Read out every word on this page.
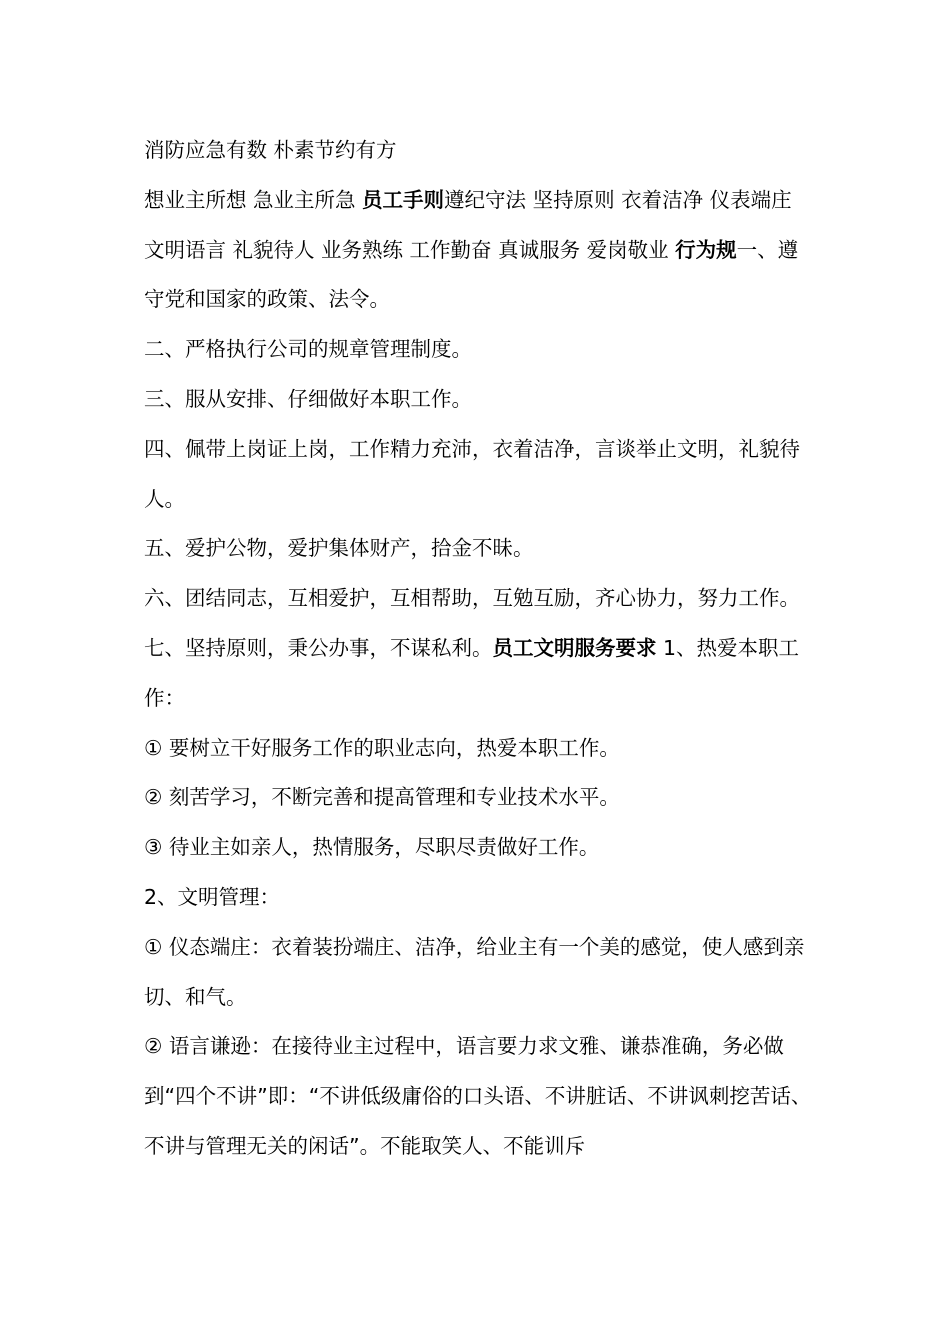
消防应急有数 朴素节约有方

想业主所想 急业主所急 员工手则遵纪守法 坚持原则 衣着洁净 仪表端庄 文明语言 礼貌待人 业务熟练 工作勤奋 真诚服务 爱岗敬业 行为规一、遵守党和国家的政策、法令。

二、严格执行公司的规章管理制度。

三、服从安排、仔细做好本职工作。

四、佩带上岗证上岗，工作精力充沛，衣着洁净，言谈举止文明，礼貌待人。

五、爱护公物，爱护集体财产，拾金不昧。

六、团结同志，互相爱护，互相帮助，互勉互励，齐心协力，努力工作。

七、坚持原则，秉公办事，不谋私利。员工文明服务要求 1、热爱本职工作：

① 要树立干好服务工作的职业志向，热爱本职工作。

② 刻苦学习，不断完善和提高管理和专业技术水平。

③ 待业主如亲人，热情服务，尽职尽责做好工作。

2、文明管理：

① 仪态端庄：衣着装扮端庄、洁净，给业主有一个美的感觉，使人感到亲切、和气。

② 语言谦逊：在接待业主过程中，语言要力求文雅、谦恭准确，务必做到“四个不讲”即：“不讲低级庸俗的口头语、不讲脏话、不讲讽刺挖苦话、不讲与管理无关的闲话”。不能取笑人、不能训斥
